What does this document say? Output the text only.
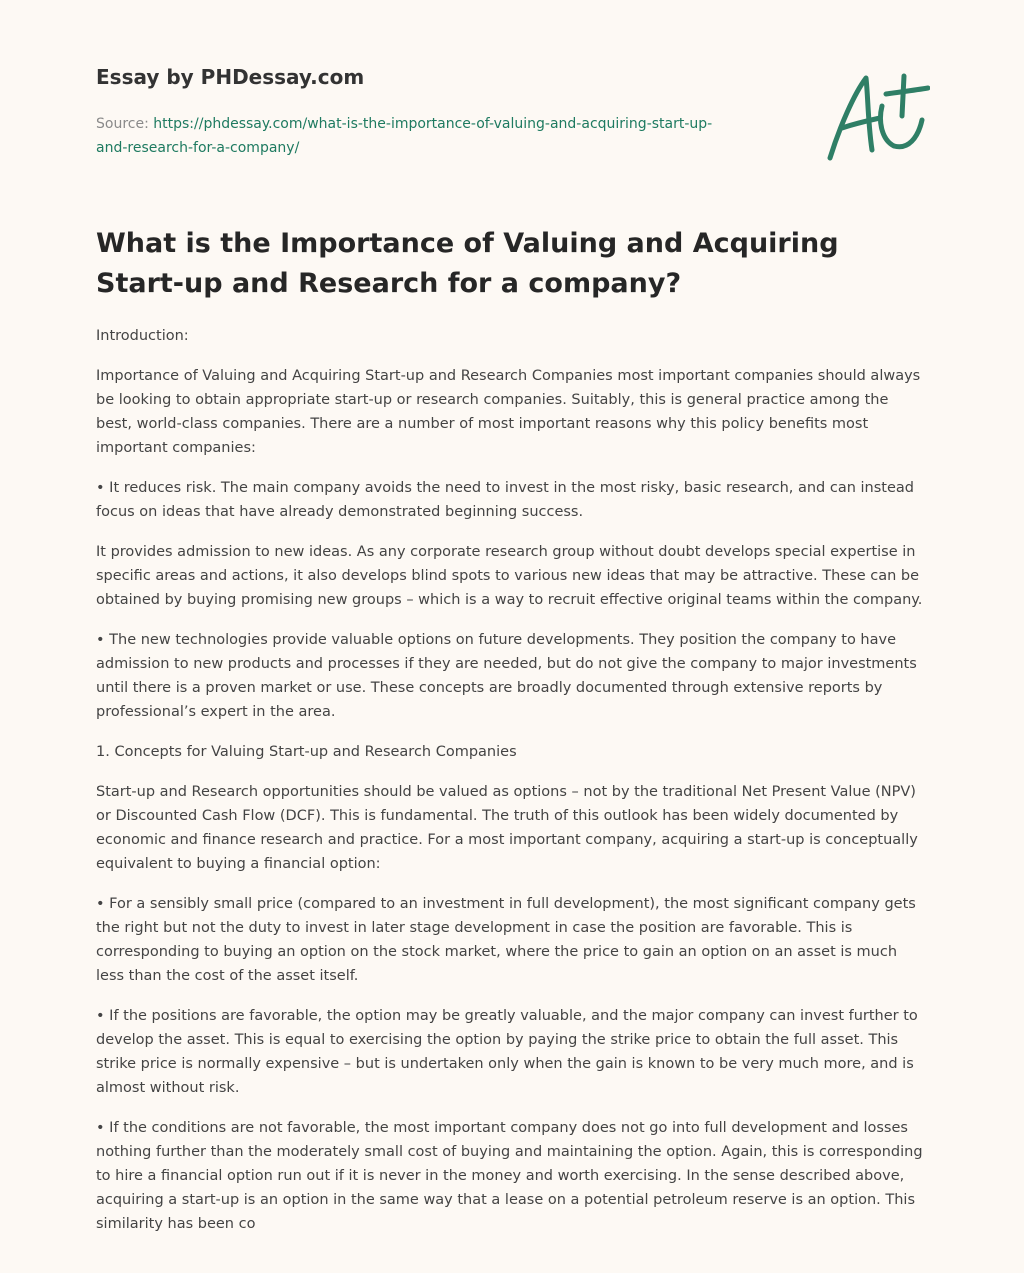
Essay by PHDessay.com
Source: https://phdessay.com/what-is-the-importance-of-valuing-and-acquiring-start-up-and-research-for-a-company/
What is the Importance of Valuing and Acquiring Start-up and Research for a company?

Introduction:

Importance of Valuing and Acquiring Start-up and Research Companies most important companies should always be looking to obtain appropriate start-up or research companies. Suitably, this is general practice among the best, world-class companies. There are a number of most important reasons why this policy benefits most important companies:

• It reduces risk. The main company avoids the need to invest in the most risky, basic research, and can instead focus on ideas that have already demonstrated beginning success.

It provides admission to new ideas. As any corporate research group without doubt develops special expertise in specific areas and actions, it also develops blind spots to various new ideas that may be attractive. These can be obtained by buying promising new groups – which is a way to recruit effective original teams within the company.

• The new technologies provide valuable options on future developments. They position the company to have admission to new products and processes if they are needed, but do not give the company to major investments until there is a proven market or use. These concepts are broadly documented through extensive reports by professional’s expert in the area.

1. Concepts for Valuing Start-up and Research Companies

Start-up and Research opportunities should be valued as options – not by the traditional Net Present Value (NPV) or Discounted Cash Flow (DCF). This is fundamental. The truth of this outlook has been widely documented by economic and finance research and practice. For a most important company, acquiring a start-up is conceptually equivalent to buying a financial option:

• For a sensibly small price (compared to an investment in full development), the most significant company gets the right but not the duty to invest in later stage development in case the position are favorable. This is corresponding to buying an option on the stock market, where the price to gain an option on an asset is much less than the cost of the asset itself.

• If the positions are favorable, the option may be greatly valuable, and the major company can invest further to develop the asset. This is equal to exercising the option by paying the strike price to obtain the full asset. This strike price is normally expensive – but is undertaken only when the gain is known to be very much more, and is almost without risk.

• If the conditions are not favorable, the most important company does not go into full development and losses nothing further than the moderately small cost of buying and maintaining the option. Again, this is corresponding to hire a financial option run out if it is never in the money and worth exercising. In the sense described above, acquiring a start-up is an option in the same way that a lease on a potential petroleum reserve is an option. This similarity has been co
